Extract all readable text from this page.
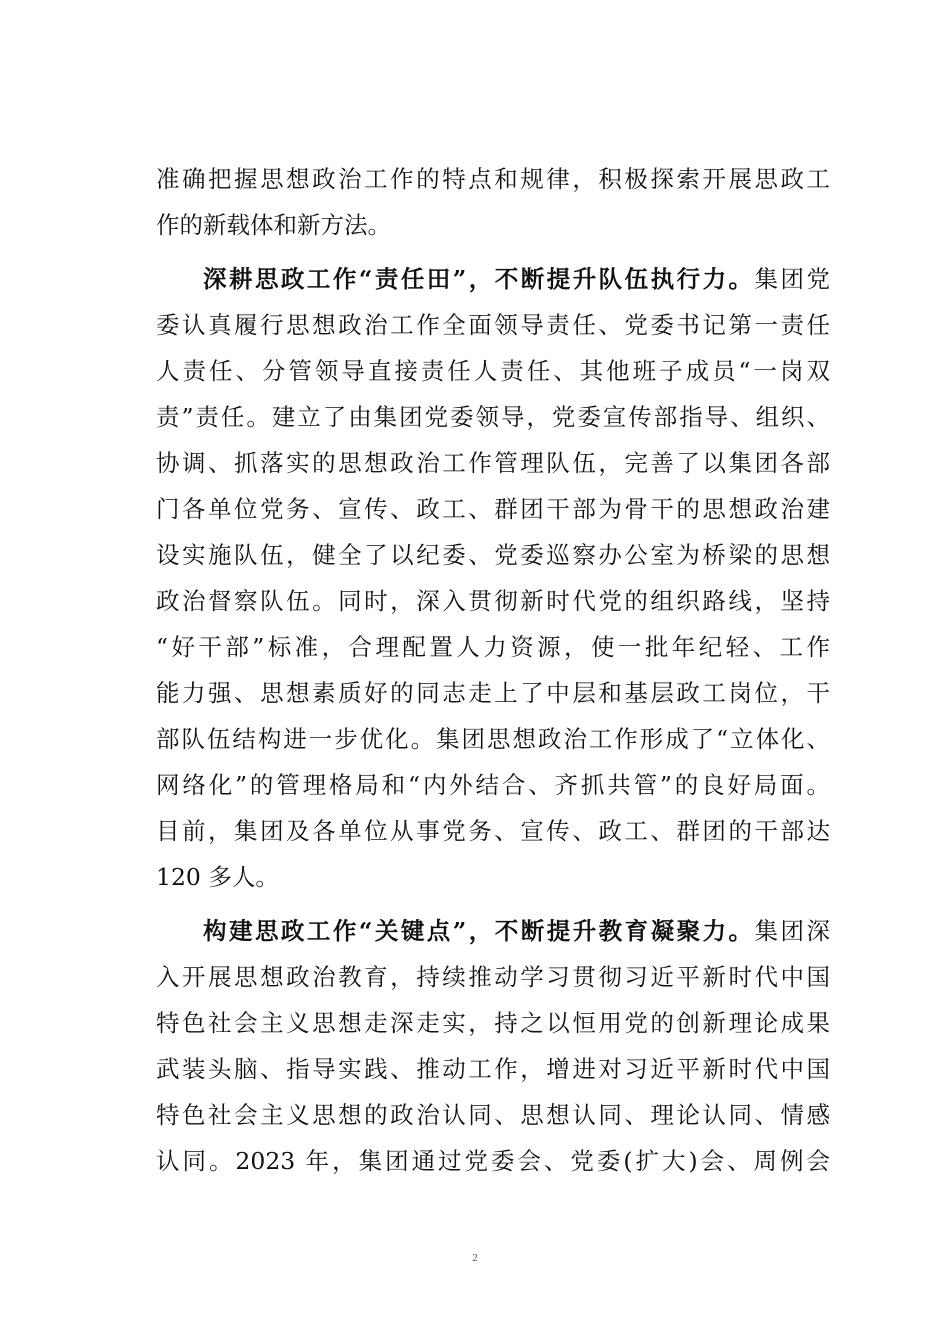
准确把握思想政治工作的特点和规律，积极探索开展思政工
作的新载体和新方法。
深耕思政工作“责任田”，不断提升队伍执行力。集团党
委认真履行思想政治工作全面领导责任、党委书记第一责任
人责任、分管领导直接责任人责任、其他班子成员“一岗双
责”责任。建立了由集团党委领导，党委宣传部指导、组织、
协调、抓落实的思想政治工作管理队伍，完善了以集团各部
门各单位党务、宣传、政工、群团干部为骨干的思想政治建
设实施队伍，健全了以纪委、党委巡察办公室为桥梁的思想
政治督察队伍。同时，深入贯彻新时代党的组织路线，坚持
“好干部”标准，合理配置人力资源，使一批年纪轻、工作
能力强、思想素质好的同志走上了中层和基层政工岗位，干
部队伍结构进一步优化。集团思想政治工作形成了“立体化、
网络化”的管理格局和“内外结合、齐抓共管”的良好局面。
目前，集团及各单位从事党务、宣传、政工、群团的干部达
120 多人。
构建思政工作“关键点”，不断提升教育凝聚力。集团深
入开展思想政治教育，持续推动学习贯彻习近平新时代中国
特色社会主义思想走深走实，持之以恒用党的创新理论成果
武装头脑、指导实践、推动工作，增进对习近平新时代中国
特色社会主义思想的政治认同、思想认同、理论认同、情感
认同。2023 年，集团通过党委会、党委(扩大)会、周例会
2
